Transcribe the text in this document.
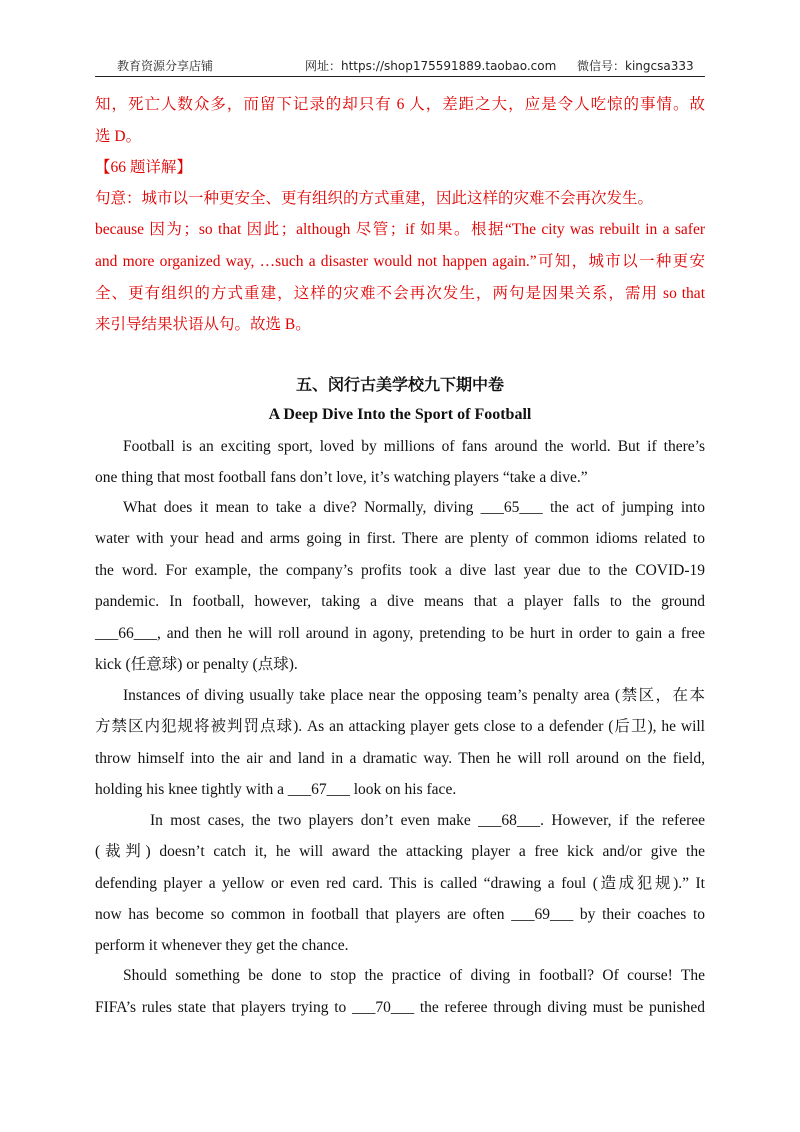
教育资源分享店铺	网址：https://shop175591889.taobao.com 微信号：kingcsa333
知，死亡人数众多，而留下记录的却只有 6 人，差距之大，应是令人吃惊的事情。故
选 D。
【66 题详解】
句意：城市以一种更安全、更有组织的方式重建，因此这样的灾难不会再次发生。
because 因为；so that 因此；although 尽管；if 如果。根据“The city was rebuilt in a safer
and more organized way, …such a disaster would not happen again.”可知，城市以一种更安
全、更有组织的方式重建，这样的灾难不会再次发生，两句是因果关系，需用 so that
来引导结果状语从句。故选 B。
五、闵行古美学校九下期中卷
A Deep Dive Into the Sport of Football
Football is an exciting sport, loved by millions of fans around the world. But if there’s
one thing that most football fans don’t love, it’s watching players “take a dive.”
What does it mean to take a dive? Normally, diving ___65___ the act of jumping into
water with your head and arms going in first. There are plenty of common idioms related to
the word. For example, the company’s profits took a dive last year due to the COVID-19
pandemic. In football, however, taking a dive means that a player falls to the ground
___66___, and then he will roll around in agony, pretending to be hurt in order to gain a free
kick (任意球) or penalty (点球).
Instances of diving usually take place near the opposing team’s penalty area (禁区，在本
方禁区内犯规将被判罚点球). As an attacking player gets close to a defender (后卫), he will
throw himself into the air and land in a dramatic way. Then he will roll around on the field,
holding his knee tightly with a ___67___ look on his face.
In most cases, the two players don’t even make ___68___. However, if the referee
(裁判) doesn’t catch it, he will award the attacking player a free kick and/or give the
defending player a yellow or even red card. This is called “drawing a foul (造成犯规).” It
now has become so common in football that players are often ___69___ by their coaches to
perform it whenever they get the chance.
Should something be done to stop the practice of diving in football? Of course! The
FIFA’s rules state that players trying to ___70___ the referee through diving must be punished
